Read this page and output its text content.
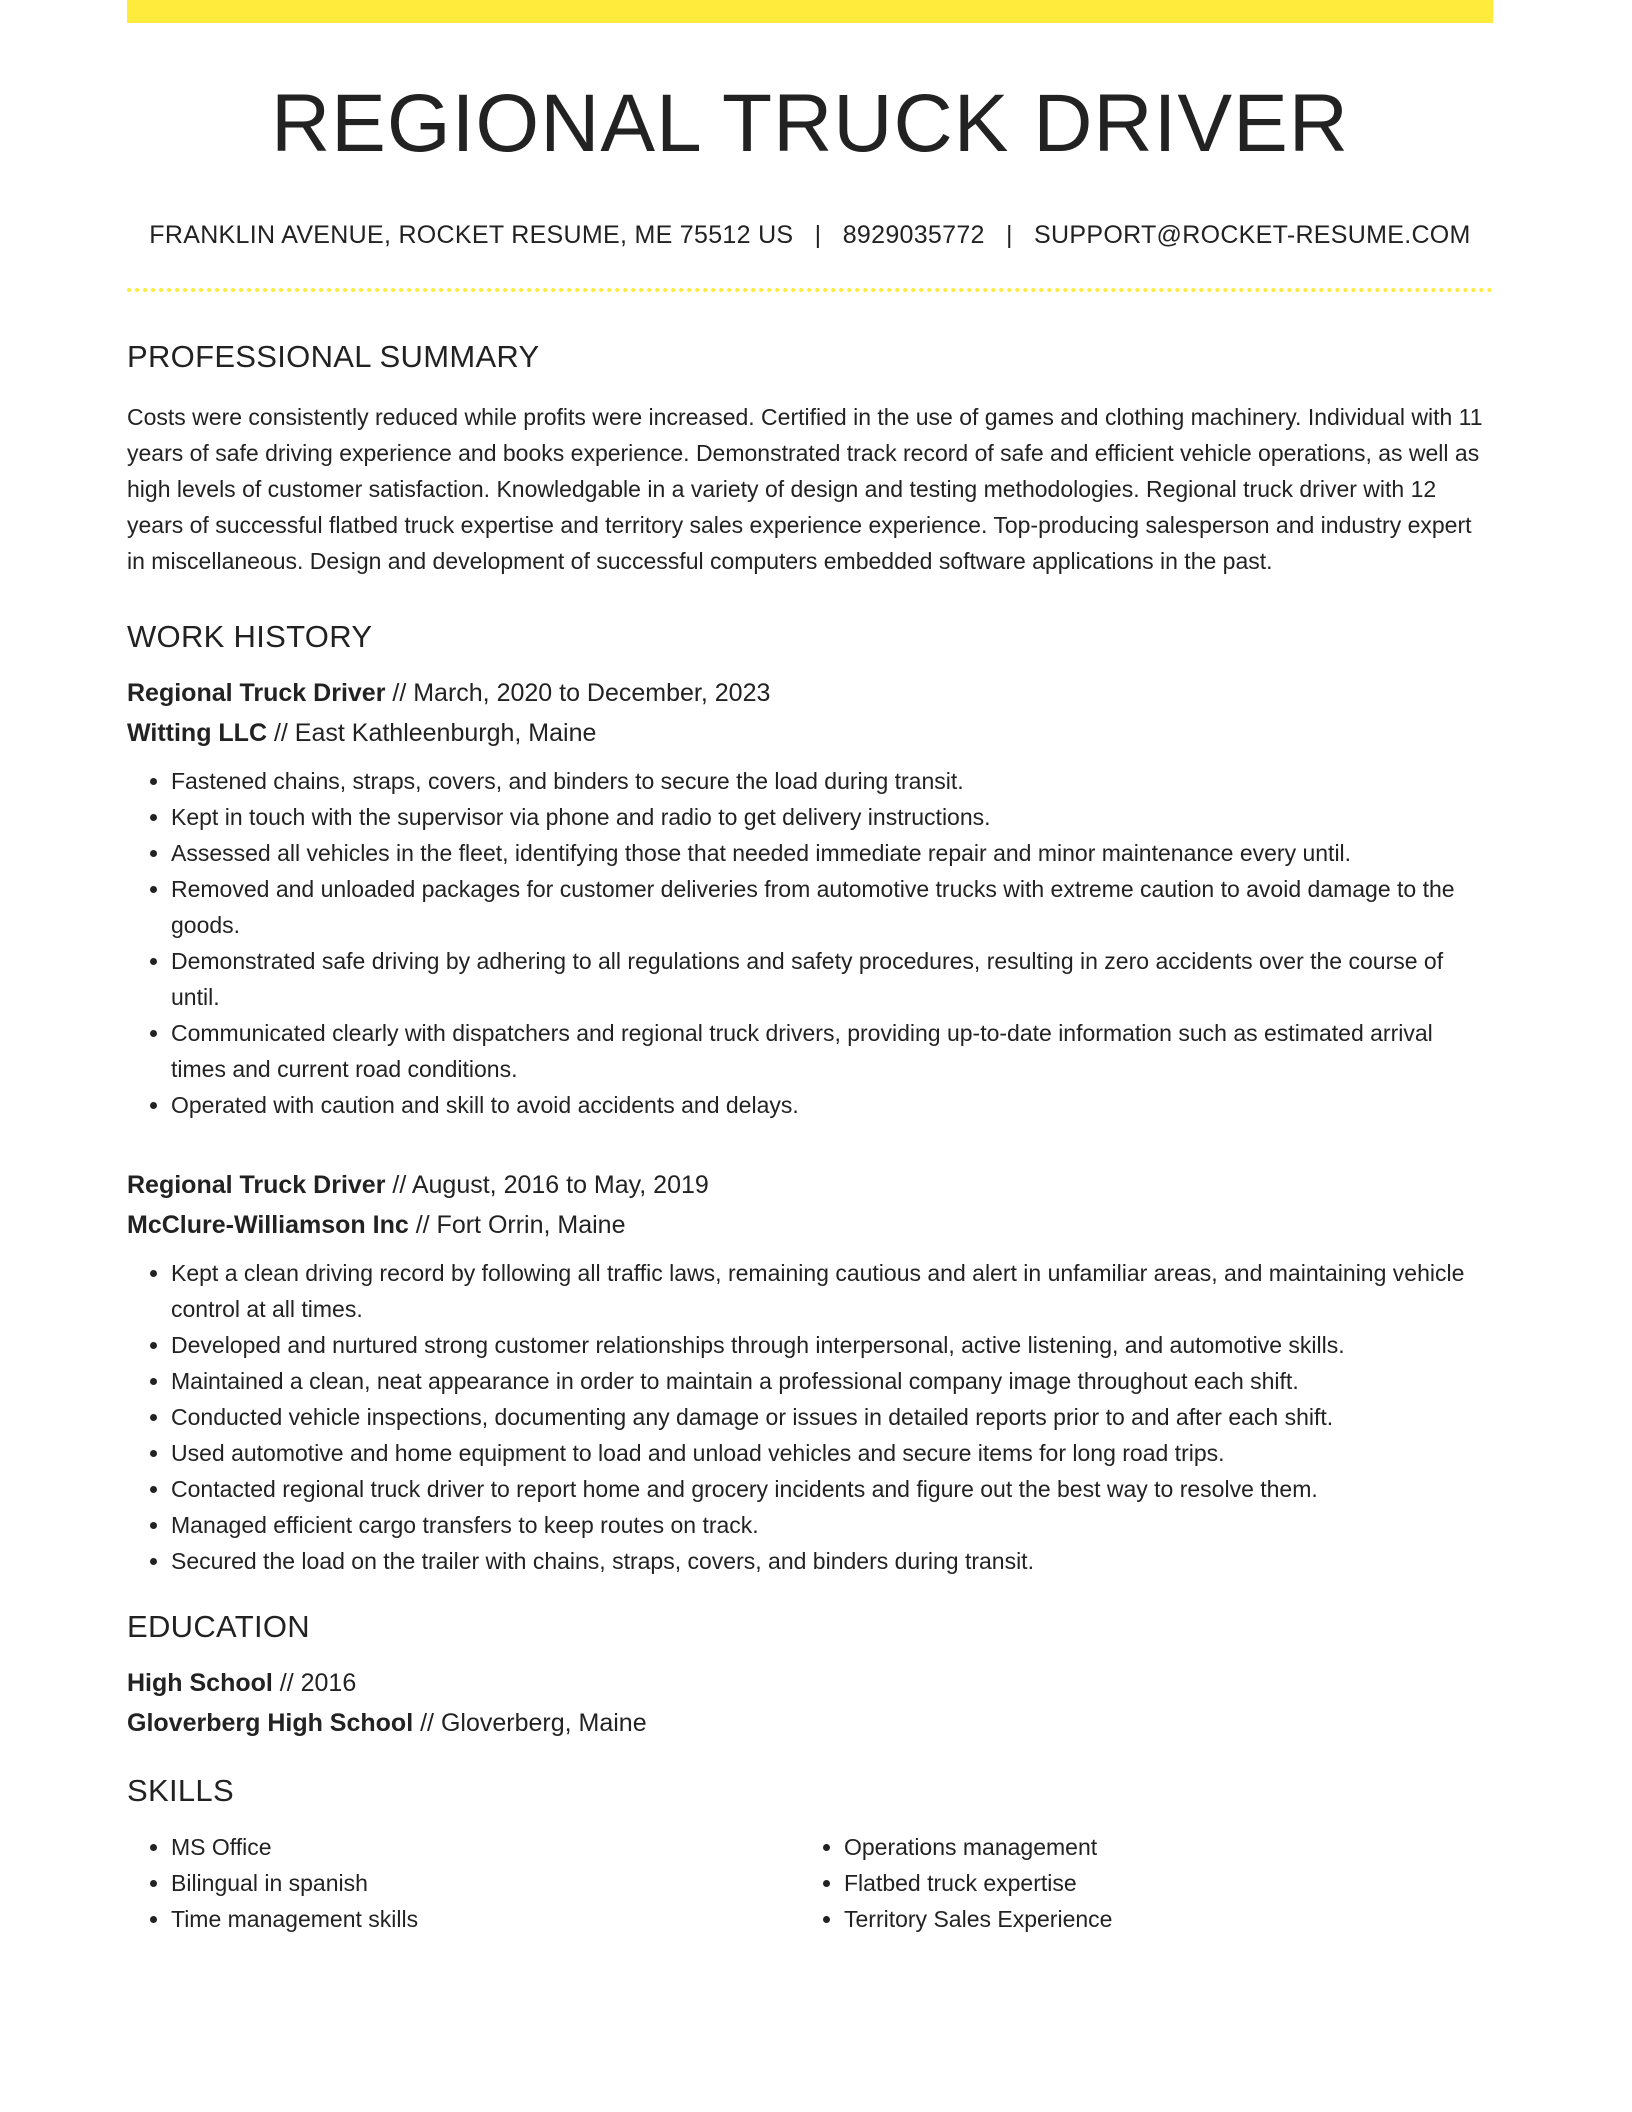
REGIONAL TRUCK DRIVER
FRANKLIN AVENUE, ROCKET RESUME, ME 75512 US | 8929035772 | SUPPORT@ROCKET-RESUME.COM
PROFESSIONAL SUMMARY
Costs were consistently reduced while profits were increased. Certified in the use of games and clothing machinery. Individual with 11 years of safe driving experience and books experience. Demonstrated track record of safe and efficient vehicle operations, as well as high levels of customer satisfaction. Knowledgable in a variety of design and testing methodologies. Regional truck driver with 12 years of successful flatbed truck expertise and territory sales experience experience. Top-producing salesperson and industry expert in miscellaneous. Design and development of successful computers embedded software applications in the past.
WORK HISTORY
Regional Truck Driver // March, 2020 to December, 2023
Witting LLC // East Kathleenburgh, Maine
• Fastened chains, straps, covers, and binders to secure the load during transit.
• Kept in touch with the supervisor via phone and radio to get delivery instructions.
• Assessed all vehicles in the fleet, identifying those that needed immediate repair and minor maintenance every until.
• Removed and unloaded packages for customer deliveries from automotive trucks with extreme caution to avoid damage to the goods.
• Demonstrated safe driving by adhering to all regulations and safety procedures, resulting in zero accidents over the course of until.
• Communicated clearly with dispatchers and regional truck drivers, providing up-to-date information such as estimated arrival times and current road conditions.
• Operated with caution and skill to avoid accidents and delays.
Regional Truck Driver // August, 2016 to May, 2019
McClure-Williamson Inc // Fort Orrin, Maine
• Kept a clean driving record by following all traffic laws, remaining cautious and alert in unfamiliar areas, and maintaining vehicle control at all times.
• Developed and nurtured strong customer relationships through interpersonal, active listening, and automotive skills.
• Maintained a clean, neat appearance in order to maintain a professional company image throughout each shift.
• Conducted vehicle inspections, documenting any damage or issues in detailed reports prior to and after each shift.
• Used automotive and home equipment to load and unload vehicles and secure items for long road trips.
• Contacted regional truck driver to report home and grocery incidents and figure out the best way to resolve them.
• Managed efficient cargo transfers to keep routes on track.
• Secured the load on the trailer with chains, straps, covers, and binders during transit.
EDUCATION
High School // 2016
Gloverberg High School // Gloverberg, Maine
SKILLS
• MS Office
• Bilingual in spanish
• Time management skills
• Operations management
• Flatbed truck expertise
• Territory Sales Experience
